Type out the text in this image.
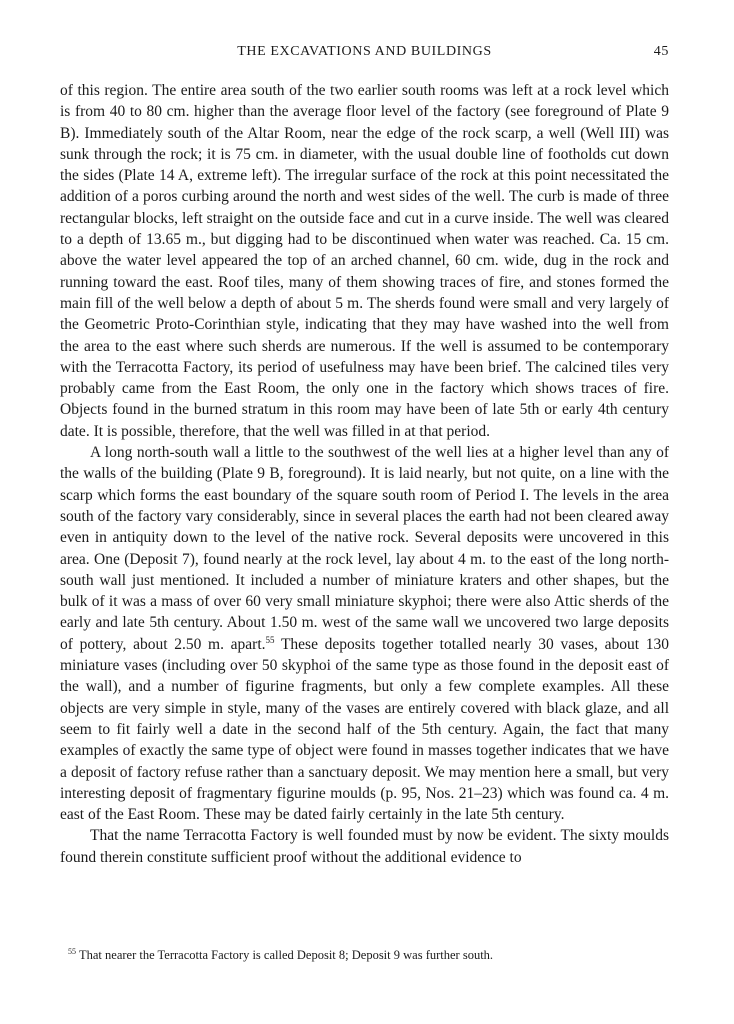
THE EXCAVATIONS AND BUILDINGS	45

of this region. The entire area south of the two earlier south rooms was left at a rock level which is from 40 to 80 cm. higher than the average floor level of the factory (see foreground of Plate 9 B). Immediately south of the Altar Room, near the edge of the rock scarp, a well (Well III) was sunk through the rock; it is 75 cm. in diameter, with the usual double line of footholds cut down the sides (Plate 14 A, extreme left). The irregular surface of the rock at this point necessitated the addition of a poros curbing around the north and west sides of the well. The curb is made of three rectangular blocks, left straight on the outside face and cut in a curve inside. The well was cleared to a depth of 13.65 m., but digging had to be discontinued when water was reached. Ca. 15 cm. above the water level appeared the top of an arched channel, 60 cm. wide, dug in the rock and running toward the east. Roof tiles, many of them showing traces of fire, and stones formed the main fill of the well below a depth of about 5 m. The sherds found were small and very largely of the Geometric Proto-Corinthian style, indicating that they may have washed into the well from the area to the east where such sherds are numerous. If the well is assumed to be contemporary with the Terracotta Factory, its period of usefulness may have been brief. The calcined tiles very probably came from the East Room, the only one in the factory which shows traces of fire. Objects found in the burned stratum in this room may have been of late 5th or early 4th century date. It is possible, therefore, that the well was filled in at that period.

A long north-south wall a little to the southwest of the well lies at a higher level than any of the walls of the building (Plate 9 B, foreground). It is laid nearly, but not quite, on a line with the scarp which forms the east boundary of the square south room of Period I. The levels in the area south of the factory vary considerably, since in several places the earth had not been cleared away even in antiquity down to the level of the native rock. Several deposits were uncovered in this area. One (Deposit 7), found nearly at the rock level, lay about 4 m. to the east of the long north-south wall just mentioned. It included a number of miniature kraters and other shapes, but the bulk of it was a mass of over 60 very small miniature skyphoi; there were also Attic sherds of the early and late 5th century. About 1.50 m. west of the same wall we uncovered two large deposits of pottery, about 2.50 m. apart.$^{55}$ These deposits together totalled nearly 30 vases, about 130 miniature vases (including over 50 skyphoi of the same type as those found in the deposit east of the wall), and a number of figurine fragments, but only a few complete examples. All these objects are very simple in style, many of the vases are entirely covered with black glaze, and all seem to fit fairly well a date in the second half of the 5th century. Again, the fact that many examples of exactly the same type of object were found in masses together indicates that we have a deposit of factory refuse rather than a sanctuary deposit. We may mention here a small, but very interesting deposit of fragmentary figurine moulds (p. 95, Nos. 21–23) which was found ca. 4 m. east of the East Room. These may be dated fairly certainly in the late 5th century.

That the name Terracotta Factory is well founded must by now be evident. The sixty moulds found therein constitute sufficient proof without the additional evidence to

$^{55}$ That nearer the Terracotta Factory is called Deposit 8; Deposit 9 was further south.
